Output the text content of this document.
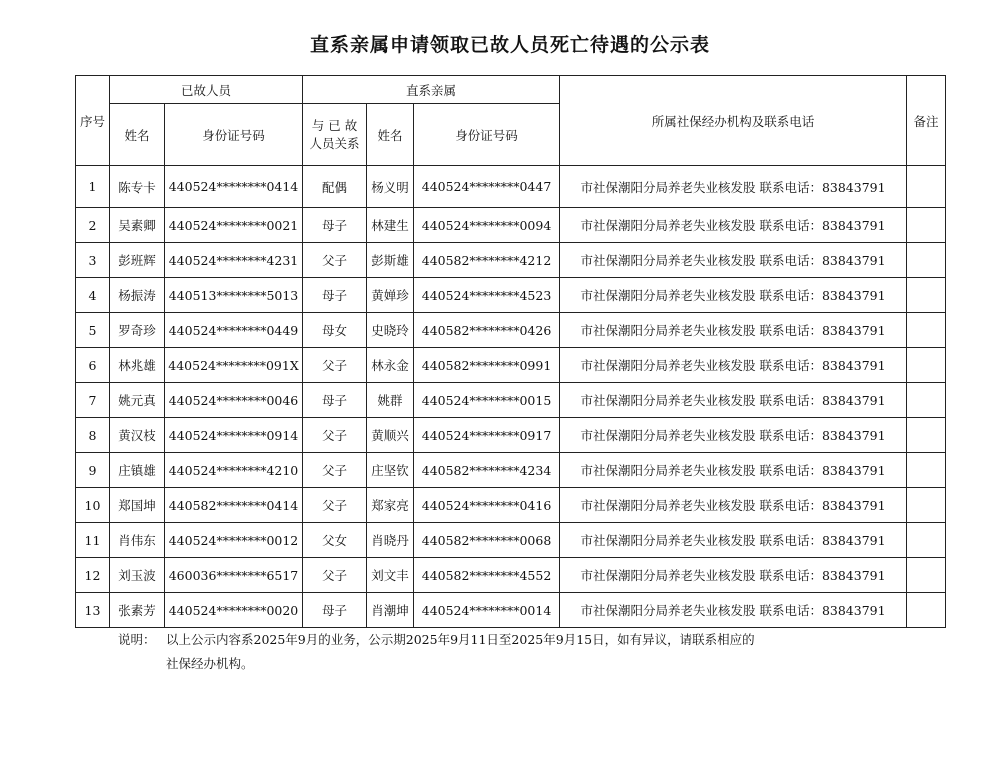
直系亲属申请领取已故人员死亡待遇的公示表
序号	已故人员		直系亲属			所属社保经办机构及联系电话	备注
	姓名	身份证号码	与 已 故
人员关系	姓名	身份证号码		
1	陈专卡	440524********0414	配偶	杨义明	440524********0447	市社保潮阳分局养老失业核发股 联系电话：83843791	
2	吴素卿	440524********0021	母子	林建生	440524********0094	市社保潮阳分局养老失业核发股 联系电话：83843791	
3	彭班辉	440524********4231	父子	彭斯雄	440582********4212	市社保潮阳分局养老失业核发股 联系电话：83843791	
4	杨振涛	440513********5013	母子	黄婵珍	440524********4523	市社保潮阳分局养老失业核发股 联系电话：83843791	
5	罗奇珍	440524********0449	母女	史晓玲	440582********0426	市社保潮阳分局养老失业核发股 联系电话：83843791	
6	林兆雄	440524********091X	父子	林永金	440582********0991	市社保潮阳分局养老失业核发股 联系电话：83843791	
7	姚元真	440524********0046	母子	姚群	440524********0015	市社保潮阳分局养老失业核发股 联系电话：83843791	
8	黄汉枝	440524********0914	父子	黄顺兴	440524********0917	市社保潮阳分局养老失业核发股 联系电话：83843791	
9	庄镇雄	440524********4210	父子	庄坚钦	440582********4234	市社保潮阳分局养老失业核发股 联系电话：83843791	
10	郑国坤	440582********0414	父子	郑家亮	440524********0416	市社保潮阳分局养老失业核发股 联系电话：83843791	
11	肖伟东	440524********0012	父女	肖晓丹	440582********0068	市社保潮阳分局养老失业核发股 联系电话：83843791	
12	刘玉波	460036********6517	父子	刘文丰	440582********4552	市社保潮阳分局养老失业核发股 联系电话：83843791	
13	张素芳	440524********0020	母子	肖潮坤	440524********0014	市社保潮阳分局养老失业核发股 联系电话：83843791	
说明： 以上公示内容系2025年9月的业务，公示期2025年9月11日至2025年9月15日，如有异议，请联系相应的
社保经办机构。
